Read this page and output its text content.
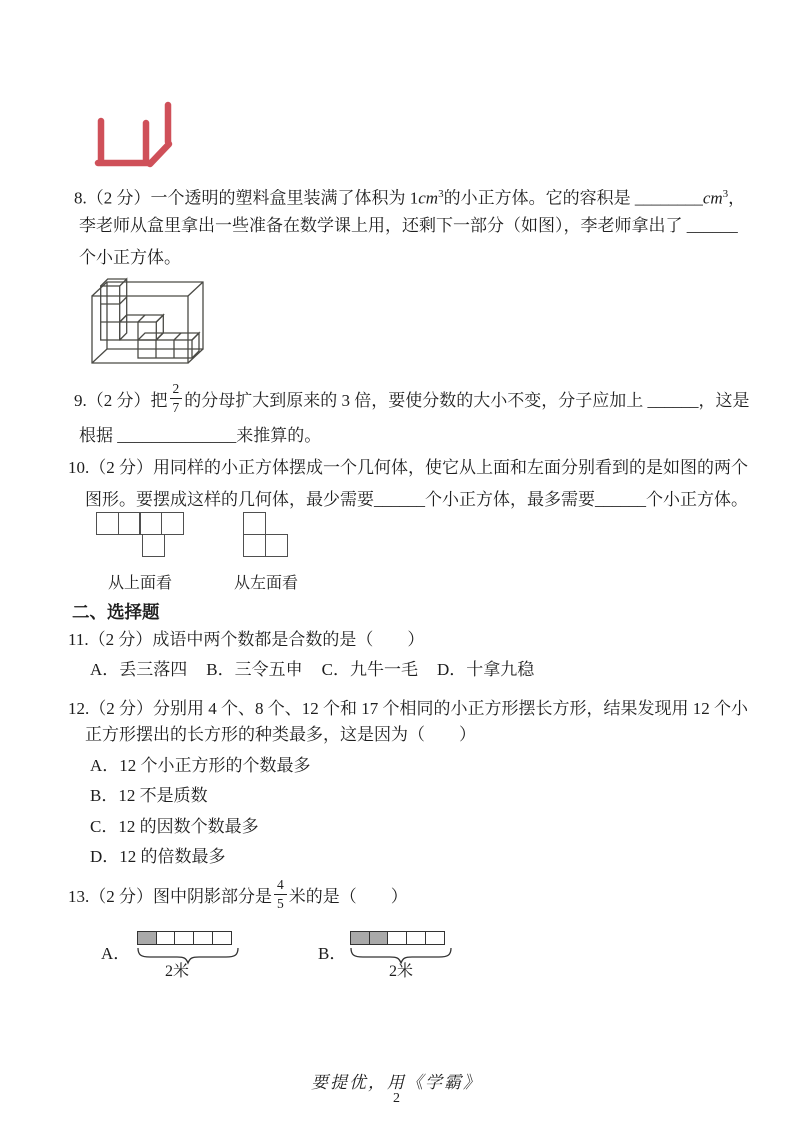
8.（2 分）一个透明的塑料盒里装满了体积为 $1cm^3$的小正方体。它的容积是 $\_\_\_\_\_\_\_\_cm^3$，
李老师从盒里拿出一些准备在数学课上用，还剩下一部分（如图），李老师拿出了 ______
个小正方体。
9.（2 分）把 $\frac{2}{7}$ 的分母扩大到原来的 3 倍，要使分数的大小不变，分子应加上 ______，这是
根据 ______________来推算的。
10.（2 分）用同样的小正方体摆成一个几何体，使它从上面和左面分别看到的是如图的两个
图形。要摆成这样的几何体，最少需要______个小正方体，最多需要______个小正方体。
从上面看	从左面看
二、选择题
11.（2 分）成语中两个数都是合数的是（　　）
A．丢三落四 B．三令五申 C．九牛一毛 D．十拿九稳
12.（2 分）分别用 4 个、8 个、12 个和 17 个相同的小正方形摆长方形，结果发现用 12 个小
正方形摆出的长方形的种类最多，这是因为（　　）
A．12 个小正方形的个数最多
B．12 不是质数
C．12 的因数个数最多
D．12 的倍数最多
13.（2 分）图中阴影部分是 $\frac{4}{5}$ 米的是（　　）
A．
2米
B．
2米
要提优，用《学霸》
2
